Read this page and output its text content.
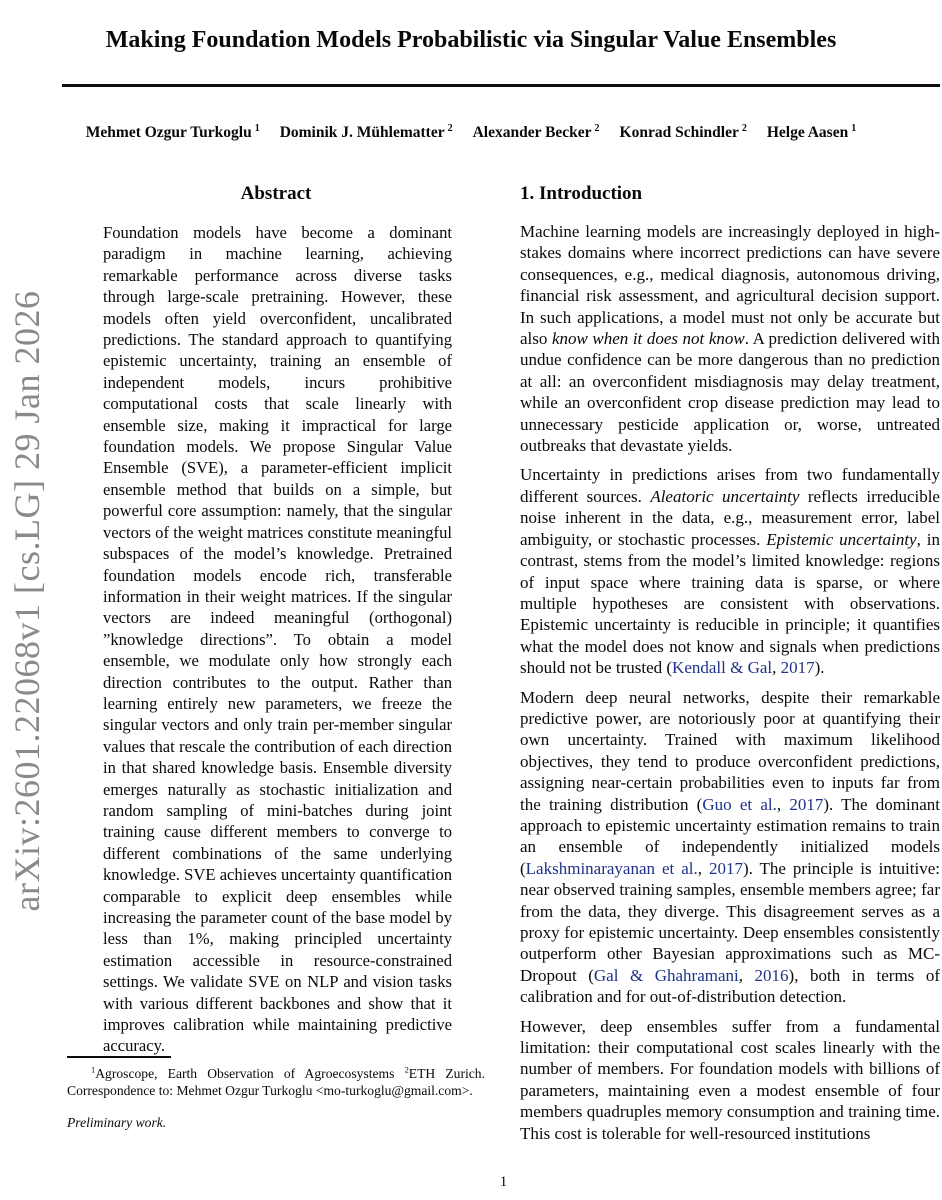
arXiv:2601.22068v1 [cs.LG] 29 Jan 2026
Making Foundation Models Probabilistic via Singular Value Ensembles
Mehmet Ozgur Turkoglu $^1$ Dominik J. Mühlematter $^2$ Alexander Becker $^2$ Konrad Schindler $^2$ Helge Aasen $^1$
Abstract

Foundation models have become a dominant paradigm in machine learning, achieving remarkable performance across diverse tasks through large-scale pretraining. However, these models often yield overconfident, uncalibrated predictions. The standard approach to quantifying epistemic uncertainty, training an ensemble of independent models, incurs prohibitive computational costs that scale linearly with ensemble size, making it impractical for large foundation models. We propose Singular Value Ensemble (SVE), a parameter-efficient implicit ensemble method that builds on a simple, but powerful core assumption: namely, that the singular vectors of the weight matrices constitute meaningful subspaces of the model’s knowledge. Pretrained foundation models encode rich, transferable information in their weight matrices. If the singular vectors are indeed meaningful (orthogonal) ”knowledge directions”. To obtain a model ensemble, we modulate only how strongly each direction contributes to the output. Rather than learning entirely new parameters, we freeze the singular vectors and only train per-member singular values that rescale the contribution of each direction in that shared knowledge basis. Ensemble diversity emerges naturally as stochastic initialization and random sampling of mini-batches during joint training cause different members to converge to different combinations of the same underlying knowledge. SVE achieves uncertainty quantification comparable to explicit deep ensembles while increasing the parameter count of the base model by less than 1%, making principled uncertainty estimation accessible in resource-constrained settings. We validate SVE on NLP and vision tasks with various different backbones and show that it improves calibration while maintaining predictive accuracy.

1. Introduction

Machine learning models are increasingly deployed in high-stakes domains where incorrect predictions can have severe consequences, e.g., medical diagnosis, autonomous driving, financial risk assessment, and agricultural decision support. In such applications, a model must not only be accurate but also know when it does not know. A prediction delivered with undue confidence can be more dangerous than no prediction at all: an overconfident misdiagnosis may delay treatment, while an overconfident crop disease prediction may lead to unnecessary pesticide application or, worse, untreated outbreaks that devastate yields.

Uncertainty in predictions arises from two fundamentally different sources. Aleatoric uncertainty reflects irreducible noise inherent in the data, e.g., measurement error, label ambiguity, or stochastic processes. Epistemic uncertainty, in contrast, stems from the model’s limited knowledge: regions of input space where training data is sparse, or where multiple hypotheses are consistent with observations. Epistemic uncertainty is reducible in principle; it quantifies what the model does not know and signals when predictions should not be trusted (Kendall & Gal, 2017).

Modern deep neural networks, despite their remarkable predictive power, are notoriously poor at quantifying their own uncertainty. Trained with maximum likelihood objectives, they tend to produce overconfident predictions, assigning near-certain probabilities even to inputs far from the training distribution (Guo et al., 2017). The dominant approach to epistemic uncertainty estimation remains to train an ensemble of independently initialized models (Lakshminarayanan et al., 2017). The principle is intuitive: near observed training samples, ensemble members agree; far from the data, they diverge. This disagreement serves as a proxy for epistemic uncertainty. Deep ensembles consistently outperform other Bayesian approximations such as MC-Dropout (Gal & Ghahramani, 2016), both in terms of calibration and for out-of-distribution detection.

However, deep ensembles suffer from a fundamental limitation: their computational cost scales linearly with the number of members. For foundation models with billions of parameters, maintaining even a modest ensemble of four members quadruples memory consumption and training time. This cost is tolerable for well-resourced institutions

$^1$Agroscope, Earth Observation of Agroecosystems $^2$ETH Zurich. Correspondence to: Mehmet Ozgur Turkoglu <mo-turkoglu@gmail.com>.

Preliminary work.

1
